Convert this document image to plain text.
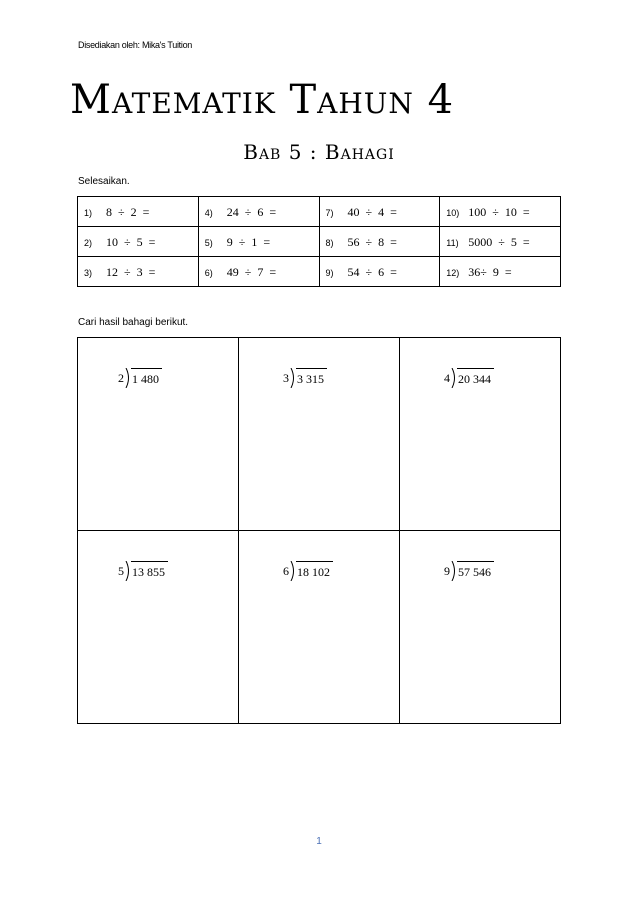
Disediakan oleh: Mika's Tuition
Matematik Tahun 4
Bab 5 : Bahagi
Selesaikan.
1) 8 ÷ 2 =	4) 24 ÷ 6 =	7) 40 ÷ 4 =	10) 100 ÷ 10 =
2) 10 ÷ 5 =	5) 9 ÷ 1 =	8) 56 ÷ 8 =	11) 5000 ÷ 5 =
3) 12 ÷ 3 =	6) 49 ÷ 7 =	9) 54 ÷ 6 =	12) 36÷ 9 =
Cari hasil bahagi berikut.
2 1 480	3 3 315	4 20 344

5 13 855	6 18 102	9 57 546
1
